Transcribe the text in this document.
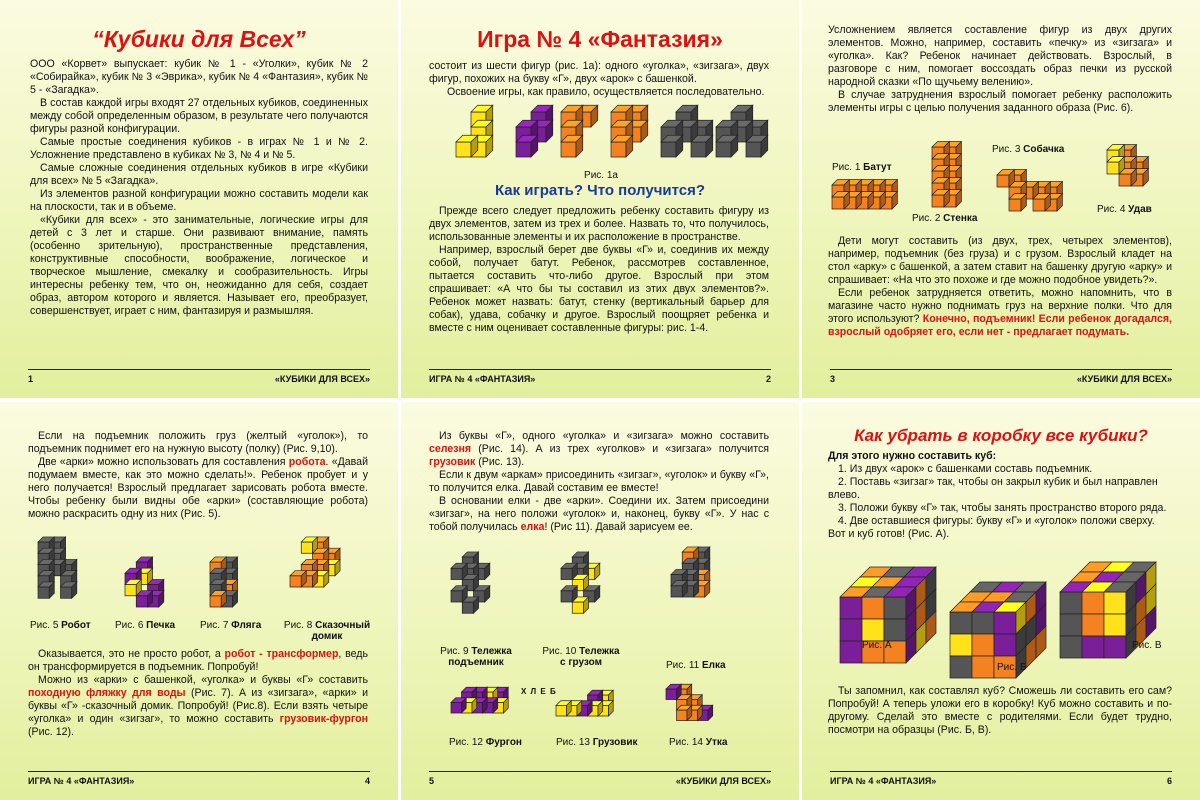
“Кубики для Всех”

ООО «Корвет» выпускает: кубик № 1 - «Уголки», кубик № 2 «Собирайка», кубик № 3 «Эврика», кубик № 4 «Фантазия», кубик № 5 - «Загадка».

В состав каждой игры входят 27 отдельных кубиков, соединенных между собой определенным образом, в результате чего получаются фигуры разной конфигурации.

Самые простые соединения кубиков - в играх № 1 и № 2. Усложнение представлено в кубиках № 3, № 4 и № 5.

Самые сложные соединения отдельных кубиков в игре «Кубики для всех» № 5 «Загадка».

Из элементов разной конфигурации можно составить модели как на плоскости, так и в объеме.

«Кубики для всех» - это занимательные, логические игры для детей с 3 лет и старше. Они развивают внимание, память (особенно зрительную), пространственные представления, конструктивные способности, воображение, логическое и творческое мышление, смекалку и сообразительность. Игры интересны ребенку тем, что он, неожиданно для себя, создает образ, автором которого и является. Называет его, преобразует, совершенствует, играет с ним, фантазируя и размышляя.

1	«КУБИКИ ДЛЯ ВСЕХ»
Игра № 4 «Фантазия»

состоит из шести фигур (рис. 1а): одного «уголка», «зигзага», двух фигур, похожих на букву «Г», двух «арок» с башенкой.

Освоение игры, как правило, осуществляется последовательно.

Рис. 1а
Как играть? Что получится?

Прежде всего следует предложить ребенку составить фигуру из двух элементов, затем из трех и более. Назвать то, что получилось, использованные элементы и их расположение в пространстве.

Например, взрослый берет две буквы «Г» и, соединив их между собой, получает батут. Ребенок, рассмотрев составленное, пытается составить что-либо другое. Взрослый при этом спрашивает: «А что бы ты составил из этих двух элементов?». Ребенок может назвать: батут, стенку (вертикальный барьер для собак), удава, собачку и другое. Взрослый поощряет ребенка и вместе с ним оценивает составленные фигуры: рис. 1-4.

ИГРА № 4 «ФАНТАЗИЯ»	2

Усложнением является составление фигур из двух других элементов. Можно, например, составить «печку» из «зигзага» и «уголка». Как? Ребенок начинает действовать. Взрослый, в разговоре с ним, помогает воссоздать образ печки из русской народной сказки «По щучьему велению».

В случае затруднения взрослый помогает ребенку расположить элементы игры с целью получения заданного образа (Рис. 6).

Рис. 1 Батут
Рис. 2 Стенка
Рис. 3 Собачка
Рис. 4 Удав

Дети могут составить (из двух, трех, четырех элементов), например, подъемник (без груза) и с грузом. Взрослый кладет на стол «арку» с башенкой, а затем ставит на башенку другую «арку» и спрашивает: «На что это похоже и где можно подобное увидеть?».

Если ребенок затрудняется ответить, можно напомнить, что в магазине часто нужно поднимать груз на верхние полки. Что для этого используют? Конечно, подъемник! Если ребенок догадался, взрослый одобряет его, если нет - предлагает подумать.

3	«КУБИКИ ДЛЯ ВСЕХ»

Если на подъемник положить груз (желтый «уголок»), то подъемник поднимет его на нужную высоту (полку) (Рис. 9,10).

Две «арки» можно использовать для составления робота. «Давай подумаем вместе, как это можно сделать!». Ребенок пробует и у него получается! Взрослый предлагает зарисовать робота вместе. Чтобы ребенку были видны обе «арки» (составляющие робота) можно раскрасить одну из них (Рис. 5).

Рис. 5 Робот Рис. 6 Печка Рис. 7 Фляга Рис. 8 Сказочный домик

Оказывается, это не просто робот, а робот - трансформер, ведь он трансформируется в подъемник. Попробуй!

Можно из «арки» с башенкой, «уголка» и буквы «Г» составить походную фляжку для воды (Рис. 7). А из «зигзага», «арки» и буквы «Г» -сказочный домик. Попробуй! (Рис.8). Если взять четыре «уголка» и один «зигзаг», то можно составить грузовик-фургон (Рис. 12).

ИГРА № 4 «ФАНТАЗИЯ»	4

Из буквы «Г», одного «уголка» и «зигзага» можно составить селезня (Рис. 14). А из трех «уголков» и «зигзага» получится грузовик (Рис. 13).

Если к двум «аркам» присоединить «зигзаг», «уголок» и букву «Г», то получится елка. Давай составим ее вместе!

В основании елки - две «арки». Соедини их. Затем присоедини «зигзаг», на него положи «уголок» и, наконец, букву «Г». У нас с тобой получилась елка! (Рис 11). Давай зарисуем ее.

Рис. 9 Тележка подъемник
Рис. 10 Тележка с грузом	Рис. 11 Елка
Х Л Е Б
Рис. 12 Фургон	Рис. 13 Грузовик	Рис. 14 Утка
5	«КУБИКИ ДЛЯ ВСЕХ»
Как убрать в коробку все кубики?

Для этого нужно составить куб:

1. Из двух «арок» с башенками составь подъемник.

2. Поставь «зигзаг» так, чтобы он закрыл кубик и был направлен влево.

3. Положи букву «Г» так, чтобы занять пространство второго ряда.

4. Две оставшиеся фигуры: букву «Г» и «уголок» положи сверху.

Вот и куб готов! (Рис. А).

Рис. А
Рис. Б
Рис. В

Ты запомнил, как составлял куб? Сможешь ли составить его сам? Попробуй! А теперь уложи его в коробку! Куб можно составить и по-другому. Сделай это вместе с родителями. Если будет трудно, посмотри на образцы (Рис. Б, В).

ИГРА № 4 «ФАНТАЗИЯ»	6
